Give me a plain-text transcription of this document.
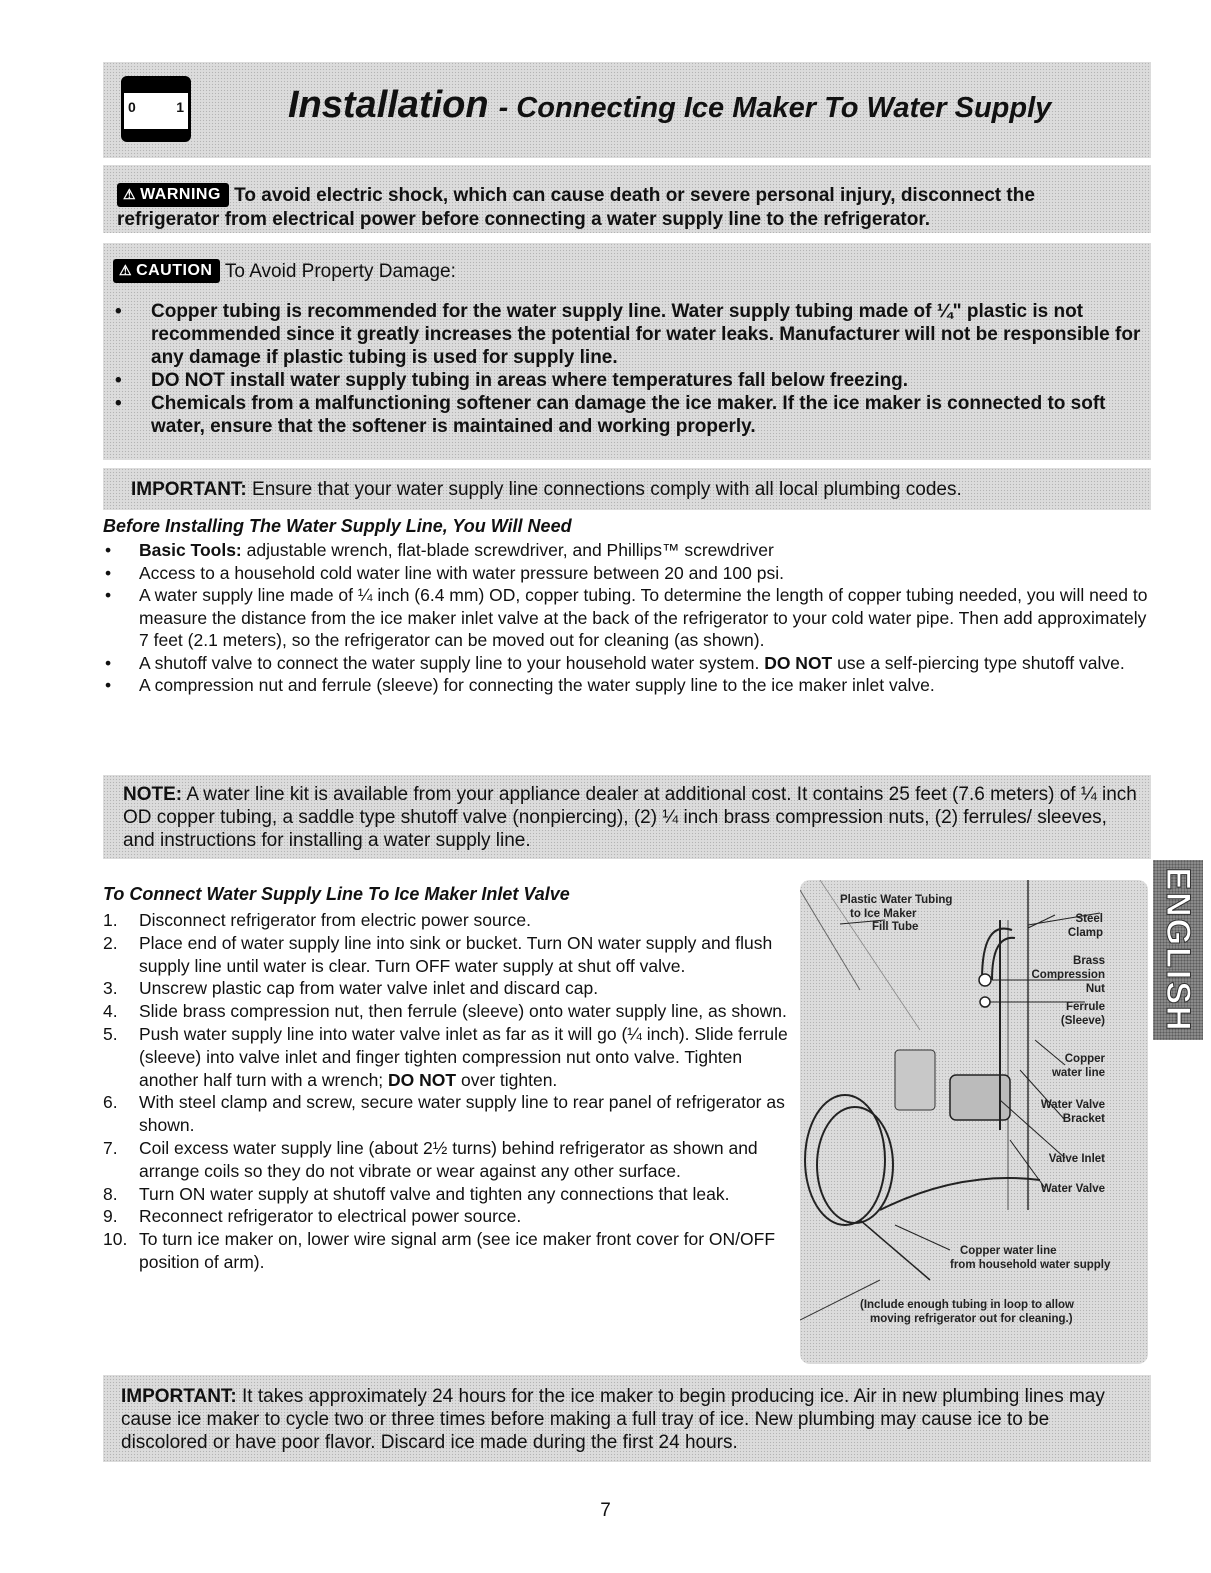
0	1	Installation - Connecting Ice Maker To Water Supply
⚠ WARNING To avoid electric shock, which can cause death or severe personal injury, disconnect the refrigerator from electrical power before connecting a water supply line to the refrigerator.
⚠ CAUTION To Avoid Property Damage:
• Copper tubing is recommended for the water supply line. Water supply tubing made of ¼" plastic is not recommended since it greatly increases the potential for water leaks. Manufacturer will not be responsible for any damage if plastic tubing is used for supply line.
• DO NOT install water supply tubing in areas where temperatures fall below freezing.
• Chemicals from a malfunctioning softener can damage the ice maker. If the ice maker is connected to soft water, ensure that the softener is maintained and working properly.
IMPORTANT: Ensure that your water supply line connections comply with all local plumbing codes.
Before Installing The Water Supply Line, You Will Need
• Basic Tools: adjustable wrench, flat-blade screwdriver, and Phillips™ screwdriver
• Access to a household cold water line with water pressure between 20 and 100 psi.
• A water supply line made of ¼ inch (6.4 mm) OD, copper tubing. To determine the length of copper tubing needed, you will need to measure the distance from the ice maker inlet valve at the back of the refrigerator to your cold water pipe. Then add approximately 7 feet (2.1 meters), so the refrigerator can be moved out for cleaning (as shown).
• A shutoff valve to connect the water supply line to your household water system. DO NOT use a self-piercing type shutoff valve.
• A compression nut and ferrule (sleeve) for connecting the water supply line to the ice maker inlet valve.
NOTE: A water line kit is available from your appliance dealer at additional cost. It contains 25 feet (7.6 meters) of ¼ inch OD copper tubing, a saddle type shutoff valve (nonpiercing), (2) ¼ inch brass compression nuts, (2) ferrules/ sleeves, and instructions for installing a water supply line.
To Connect Water Supply Line To Ice Maker Inlet Valve
1.	Disconnect refrigerator from electric power source.
2.	Place end of water supply line into sink or bucket. Turn ON water supply and flush supply line until water is clear. Turn OFF water supply at shut off valve.
3.	Unscrew plastic cap from water valve inlet and discard cap.
4.	Slide brass compression nut, then ferrule (sleeve) onto water supply line, as shown.
5.	Push water supply line into water valve inlet as far as it will go (¼ inch). Slide ferrule (sleeve) into valve inlet and finger tighten compression nut onto valve. Tighten another half turn with a wrench; DO NOT over tighten.
6.	With steel clamp and screw, secure water supply line to rear panel of refrigerator as shown.
7.	Coil excess water supply line (about 2½ turns) behind refrigerator as shown and arrange coils so they do not vibrate or wear against any other surface.
8.	Turn ON water supply at shutoff valve and tighten any connections that leak.
9.	Reconnect refrigerator to electrical power source.
10. To turn ice maker on, lower wire signal arm (see ice maker front cover for ON/OFF position of arm).
Plastic Water Tubing
to Ice Maker
Fill Tube
Steel
Clamp
Brass
Compression
Nut
Ferrule
(Sleeve)
Copper
water line
Water Valve
Bracket
Valve Inlet
Water Valve
Copper water line
from household water supply
(Include enough tubing in loop to allow
moving refrigerator out for cleaning.)
ENGLISH
IMPORTANT: It takes approximately 24 hours for the ice maker to begin producing ice. Air in new plumbing lines may cause ice maker to cycle two or three times before making a full tray of ice. New plumbing may cause ice to be discolored or have poor flavor. Discard ice made during the first 24 hours.
7
